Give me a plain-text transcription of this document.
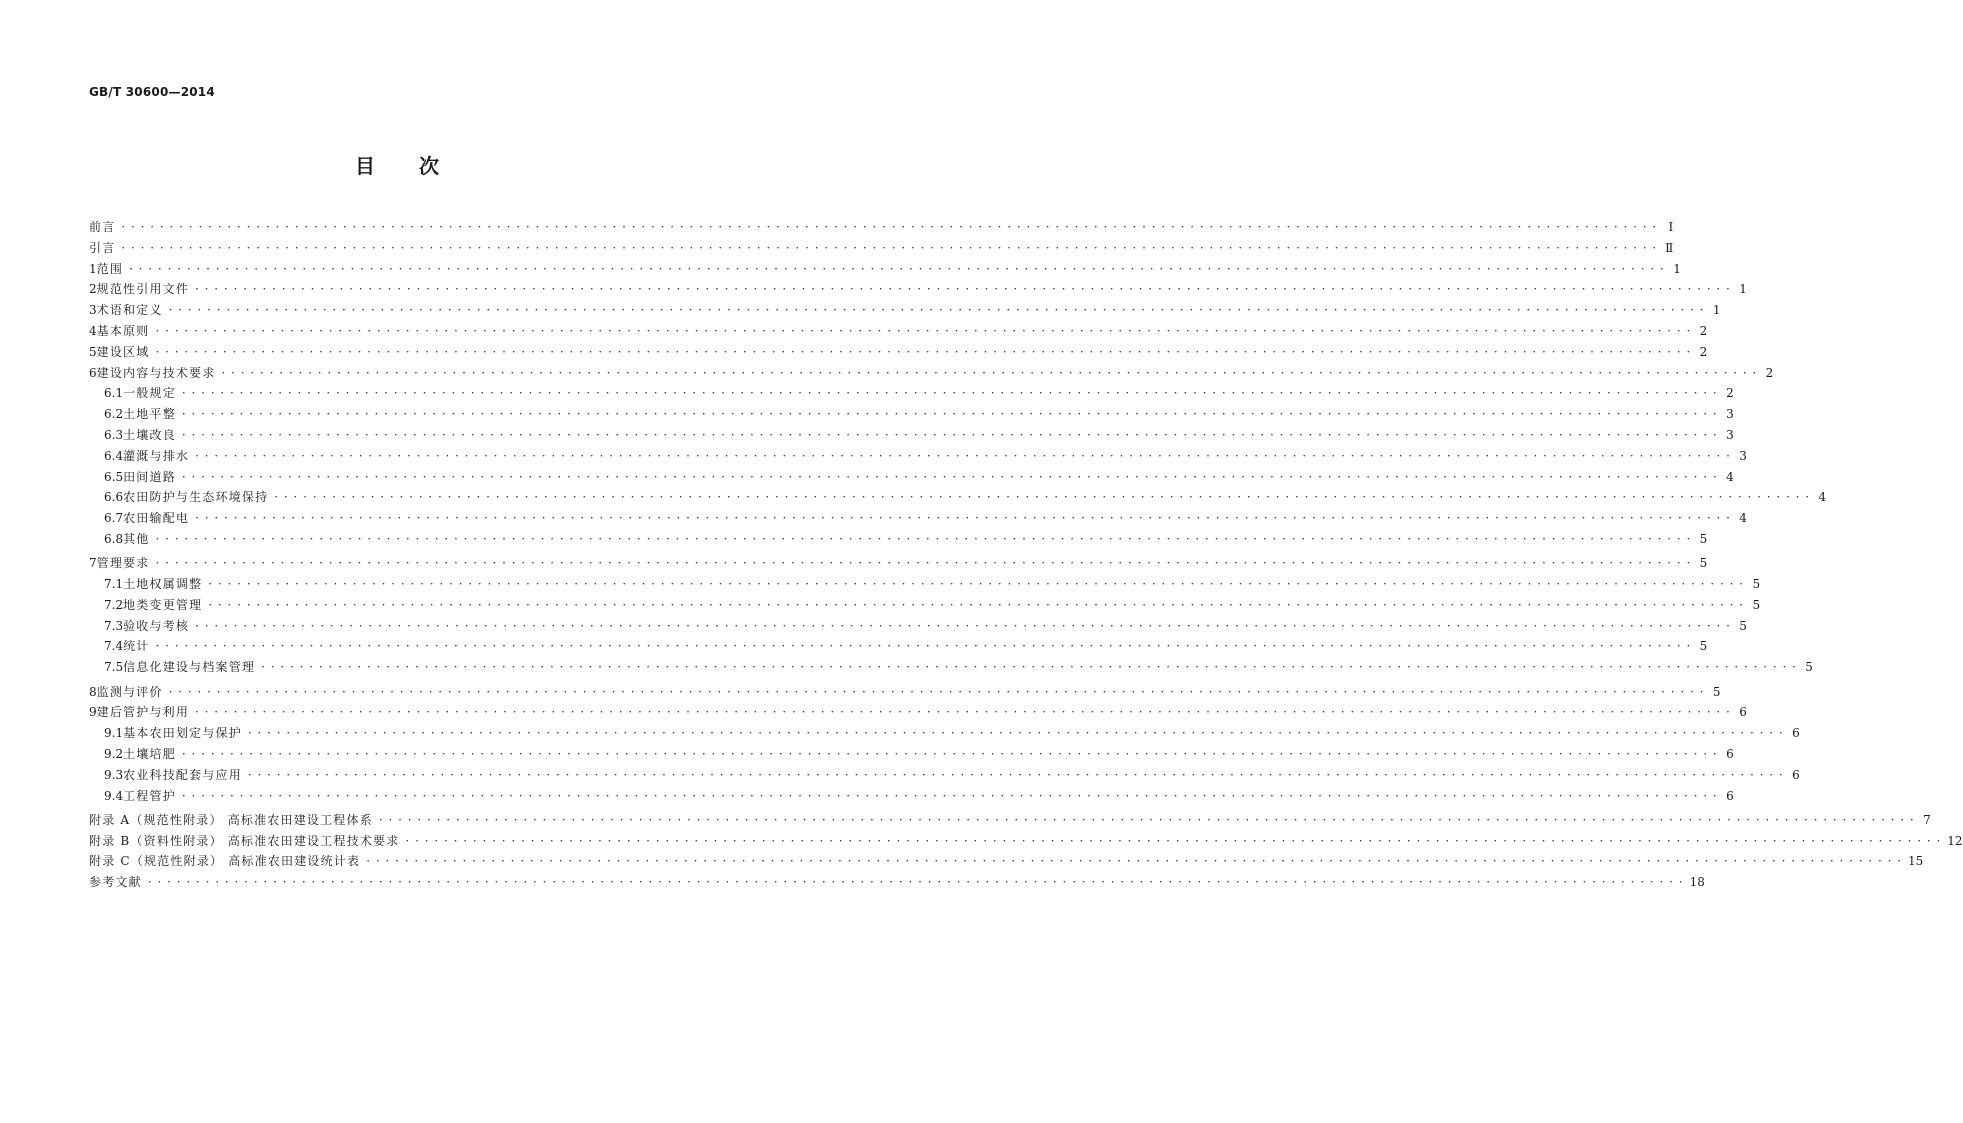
GB/T 30600—2014
目 次
前言 · · · · · · · · · · · · · · · · · · · · · · · · · · · · · · · · · · · · · · · · · · · · · · · · · · · · · · · · · · · · · · · · · · · · · · · · · · · · · · · · · · · · · · · · · · · · · · · · · · · · · · · · · · · · · · · · · · · · · · · · · · · · · · · · · · · · · · · · · · · · · · · · · · · · · · · · · · · · · · · · Ⅰ
引言 · · · · · · · · · · · · · · · · · · · · · · · · · · · · · · · · · · · · · · · · · · · · · · · · · · · · · · · · · · · · · · · · · · · · · · · · · · · · · · · · · · · · · · · · · · · · · · · · · · · · · · · · · · · · · · · · · · · · · · · · · · · · · · · · · · · · · · · · · · · · · · · · · · · · · · · · · · · · · · · · Ⅱ
1 范围 · · · · · · · · · · · · · · · · · · · · · · · · · · · · · · · · · · · · · · · · · · · · · · · · · · · · · · · · · · · · · · · · · · · · · · · · · · · · · · · · · · · · · · · · · · · · · · · · · · · · · · · · · · · · · · · · · · · · · · · · · · · · · · · · · · · · · · · · · · · · · · · · · · · · · · · · · · · · · · · · 1
2 规范性引用文件 · · · · · · · · · · · · · · · · · · · · · · · · · · · · · · · · · · · · · · · · · · · · · · · · · · · · · · · · · · · · · · · · · · · · · · · · · · · · · · · · · · · · · · · · · · · · · · · · · · · · · · · · · · · · · · · · · · · · · · · · · · · · · · · · · · · · · · · · · · · · · · · · · · · · · · · · · · · · · · · · 1
3 术语和定义 · · · · · · · · · · · · · · · · · · · · · · · · · · · · · · · · · · · · · · · · · · · · · · · · · · · · · · · · · · · · · · · · · · · · · · · · · · · · · · · · · · · · · · · · · · · · · · · · · · · · · · · · · · · · · · · · · · · · · · · · · · · · · · · · · · · · · · · · · · · · · · · · · · · · · · · · · · · · · · · · 1
4 基本原则 · · · · · · · · · · · · · · · · · · · · · · · · · · · · · · · · · · · · · · · · · · · · · · · · · · · · · · · · · · · · · · · · · · · · · · · · · · · · · · · · · · · · · · · · · · · · · · · · · · · · · · · · · · · · · · · · · · · · · · · · · · · · · · · · · · · · · · · · · · · · · · · · · · · · · · · · · · · · · · · · 2
5 建设区域 · · · · · · · · · · · · · · · · · · · · · · · · · · · · · · · · · · · · · · · · · · · · · · · · · · · · · · · · · · · · · · · · · · · · · · · · · · · · · · · · · · · · · · · · · · · · · · · · · · · · · · · · · · · · · · · · · · · · · · · · · · · · · · · · · · · · · · · · · · · · · · · · · · · · · · · · · · · · · · · · 2
6 建设内容与技术要求 · · · · · · · · · · · · · · · · · · · · · · · · · · · · · · · · · · · · · · · · · · · · · · · · · · · · · · · · · · · · · · · · · · · · · · · · · · · · · · · · · · · · · · · · · · · · · · · · · · · · · · · · · · · · · · · · · · · · · · · · · · · · · · · · · · · · · · · · · · · · · · · · · · · · · · · · · · · · · · · · 2
6.1 一般规定 · · · · · · · · · · · · · · · · · · · · · · · · · · · · · · · · · · · · · · · · · · · · · · · · · · · · · · · · · · · · · · · · · · · · · · · · · · · · · · · · · · · · · · · · · · · · · · · · · · · · · · · · · · · · · · · · · · · · · · · · · · · · · · · · · · · · · · · · · · · · · · · · · · · · · · · · · · · · · · · · 2
6.2 土地平整 · · · · · · · · · · · · · · · · · · · · · · · · · · · · · · · · · · · · · · · · · · · · · · · · · · · · · · · · · · · · · · · · · · · · · · · · · · · · · · · · · · · · · · · · · · · · · · · · · · · · · · · · · · · · · · · · · · · · · · · · · · · · · · · · · · · · · · · · · · · · · · · · · · · · · · · · · · · · · · · · 3
6.3 土壤改良 · · · · · · · · · · · · · · · · · · · · · · · · · · · · · · · · · · · · · · · · · · · · · · · · · · · · · · · · · · · · · · · · · · · · · · · · · · · · · · · · · · · · · · · · · · · · · · · · · · · · · · · · · · · · · · · · · · · · · · · · · · · · · · · · · · · · · · · · · · · · · · · · · · · · · · · · · · · · · · · · 3
6.4 灌溉与排水 · · · · · · · · · · · · · · · · · · · · · · · · · · · · · · · · · · · · · · · · · · · · · · · · · · · · · · · · · · · · · · · · · · · · · · · · · · · · · · · · · · · · · · · · · · · · · · · · · · · · · · · · · · · · · · · · · · · · · · · · · · · · · · · · · · · · · · · · · · · · · · · · · · · · · · · · · · · · · · · · 3
6.5 田间道路 · · · · · · · · · · · · · · · · · · · · · · · · · · · · · · · · · · · · · · · · · · · · · · · · · · · · · · · · · · · · · · · · · · · · · · · · · · · · · · · · · · · · · · · · · · · · · · · · · · · · · · · · · · · · · · · · · · · · · · · · · · · · · · · · · · · · · · · · · · · · · · · · · · · · · · · · · · · · · · · · 4
6.6 农田防护与生态环境保持 · · · · · · · · · · · · · · · · · · · · · · · · · · · · · · · · · · · · · · · · · · · · · · · · · · · · · · · · · · · · · · · · · · · · · · · · · · · · · · · · · · · · · · · · · · · · · · · · · · · · · · · · · · · · · · · · · · · · · · · · · · · · · · · · · · · · · · · · · · · · · · · · · · · · · · · · · · · · · · · · 4
6.7 农田输配电 · · · · · · · · · · · · · · · · · · · · · · · · · · · · · · · · · · · · · · · · · · · · · · · · · · · · · · · · · · · · · · · · · · · · · · · · · · · · · · · · · · · · · · · · · · · · · · · · · · · · · · · · · · · · · · · · · · · · · · · · · · · · · · · · · · · · · · · · · · · · · · · · · · · · · · · · · · · · · · · · 4
6.8 其他 · · · · · · · · · · · · · · · · · · · · · · · · · · · · · · · · · · · · · · · · · · · · · · · · · · · · · · · · · · · · · · · · · · · · · · · · · · · · · · · · · · · · · · · · · · · · · · · · · · · · · · · · · · · · · · · · · · · · · · · · · · · · · · · · · · · · · · · · · · · · · · · · · · · · · · · · · · · · · · · · 5
7 管理要求 · · · · · · · · · · · · · · · · · · · · · · · · · · · · · · · · · · · · · · · · · · · · · · · · · · · · · · · · · · · · · · · · · · · · · · · · · · · · · · · · · · · · · · · · · · · · · · · · · · · · · · · · · · · · · · · · · · · · · · · · · · · · · · · · · · · · · · · · · · · · · · · · · · · · · · · · · · · · · · · · 5
7.1 土地权属调整 · · · · · · · · · · · · · · · · · · · · · · · · · · · · · · · · · · · · · · · · · · · · · · · · · · · · · · · · · · · · · · · · · · · · · · · · · · · · · · · · · · · · · · · · · · · · · · · · · · · · · · · · · · · · · · · · · · · · · · · · · · · · · · · · · · · · · · · · · · · · · · · · · · · · · · · · · · · · · · · · 5
7.2 地类变更管理 · · · · · · · · · · · · · · · · · · · · · · · · · · · · · · · · · · · · · · · · · · · · · · · · · · · · · · · · · · · · · · · · · · · · · · · · · · · · · · · · · · · · · · · · · · · · · · · · · · · · · · · · · · · · · · · · · · · · · · · · · · · · · · · · · · · · · · · · · · · · · · · · · · · · · · · · · · · · · · · · 5
7.3 验收与考核 · · · · · · · · · · · · · · · · · · · · · · · · · · · · · · · · · · · · · · · · · · · · · · · · · · · · · · · · · · · · · · · · · · · · · · · · · · · · · · · · · · · · · · · · · · · · · · · · · · · · · · · · · · · · · · · · · · · · · · · · · · · · · · · · · · · · · · · · · · · · · · · · · · · · · · · · · · · · · · · · 5
7.4 统计 · · · · · · · · · · · · · · · · · · · · · · · · · · · · · · · · · · · · · · · · · · · · · · · · · · · · · · · · · · · · · · · · · · · · · · · · · · · · · · · · · · · · · · · · · · · · · · · · · · · · · · · · · · · · · · · · · · · · · · · · · · · · · · · · · · · · · · · · · · · · · · · · · · · · · · · · · · · · · · · · 5
7.5 信息化建设与档案管理 · · · · · · · · · · · · · · · · · · · · · · · · · · · · · · · · · · · · · · · · · · · · · · · · · · · · · · · · · · · · · · · · · · · · · · · · · · · · · · · · · · · · · · · · · · · · · · · · · · · · · · · · · · · · · · · · · · · · · · · · · · · · · · · · · · · · · · · · · · · · · · · · · · · · · · · · · · · · · · · · 5
8 监测与评价 · · · · · · · · · · · · · · · · · · · · · · · · · · · · · · · · · · · · · · · · · · · · · · · · · · · · · · · · · · · · · · · · · · · · · · · · · · · · · · · · · · · · · · · · · · · · · · · · · · · · · · · · · · · · · · · · · · · · · · · · · · · · · · · · · · · · · · · · · · · · · · · · · · · · · · · · · · · · · · · · 5
9 建后管护与利用 · · · · · · · · · · · · · · · · · · · · · · · · · · · · · · · · · · · · · · · · · · · · · · · · · · · · · · · · · · · · · · · · · · · · · · · · · · · · · · · · · · · · · · · · · · · · · · · · · · · · · · · · · · · · · · · · · · · · · · · · · · · · · · · · · · · · · · · · · · · · · · · · · · · · · · · · · · · · · · · · 6
9.1 基本农田划定与保护 · · · · · · · · · · · · · · · · · · · · · · · · · · · · · · · · · · · · · · · · · · · · · · · · · · · · · · · · · · · · · · · · · · · · · · · · · · · · · · · · · · · · · · · · · · · · · · · · · · · · · · · · · · · · · · · · · · · · · · · · · · · · · · · · · · · · · · · · · · · · · · · · · · · · · · · · · · · · · · · · 6
9.2 土壤培肥 · · · · · · · · · · · · · · · · · · · · · · · · · · · · · · · · · · · · · · · · · · · · · · · · · · · · · · · · · · · · · · · · · · · · · · · · · · · · · · · · · · · · · · · · · · · · · · · · · · · · · · · · · · · · · · · · · · · · · · · · · · · · · · · · · · · · · · · · · · · · · · · · · · · · · · · · · · · · · · · · 6
9.3 农业科技配套与应用 · · · · · · · · · · · · · · · · · · · · · · · · · · · · · · · · · · · · · · · · · · · · · · · · · · · · · · · · · · · · · · · · · · · · · · · · · · · · · · · · · · · · · · · · · · · · · · · · · · · · · · · · · · · · · · · · · · · · · · · · · · · · · · · · · · · · · · · · · · · · · · · · · · · · · · · · · · · · · · · · 6
9.4 工程管护 · · · · · · · · · · · · · · · · · · · · · · · · · · · · · · · · · · · · · · · · · · · · · · · · · · · · · · · · · · · · · · · · · · · · · · · · · · · · · · · · · · · · · · · · · · · · · · · · · · · · · · · · · · · · · · · · · · · · · · · · · · · · · · · · · · · · · · · · · · · · · · · · · · · · · · · · · · · · · · · · 6
附录 A（规范性附录） 高标准农田建设工程体系 · · · · · · · · · · · · · · · · · · · · · · · · · · · · · · · · · · · · · · · · · · · · · · · · · · · · · · · · · · · · · · · · · · · · · · · · · · · · · · · · · · · · · · · · · · · · · · · · · · · · · · · · · · · · · · · · · · · · · · · · · · · · · · · · · · · · · · · · · · · · · · · · · · · · · · · · · · · · · · · · 7
附录 B（资料性附录） 高标准农田建设工程技术要求 · · · · · · · · · · · · · · · · · · · · · · · · · · · · · · · · · · · · · · · · · · · · · · · · · · · · · · · · · · · · · · · · · · · · · · · · · · · · · · · · · · · · · · · · · · · · · · · · · · · · · · · · · · · · · · · · · · · · · · · · · · · · · · · · · · · · · · · · · · · · · · · · · · · · · · · · · · · · · · · · 12
附录 C（规范性附录） 高标准农田建设统计表 · · · · · · · · · · · · · · · · · · · · · · · · · · · · · · · · · · · · · · · · · · · · · · · · · · · · · · · · · · · · · · · · · · · · · · · · · · · · · · · · · · · · · · · · · · · · · · · · · · · · · · · · · · · · · · · · · · · · · · · · · · · · · · · · · · · · · · · · · · · · · · · · · · · · · · · · · · · · · · · · 15
参考文献 · · · · · · · · · · · · · · · · · · · · · · · · · · · · · · · · · · · · · · · · · · · · · · · · · · · · · · · · · · · · · · · · · · · · · · · · · · · · · · · · · · · · · · · · · · · · · · · · · · · · · · · · · · · · · · · · · · · · · · · · · · · · · · · · · · · · · · · · · · · · · · · · · · · · · · · · · · · · · · · · 18
